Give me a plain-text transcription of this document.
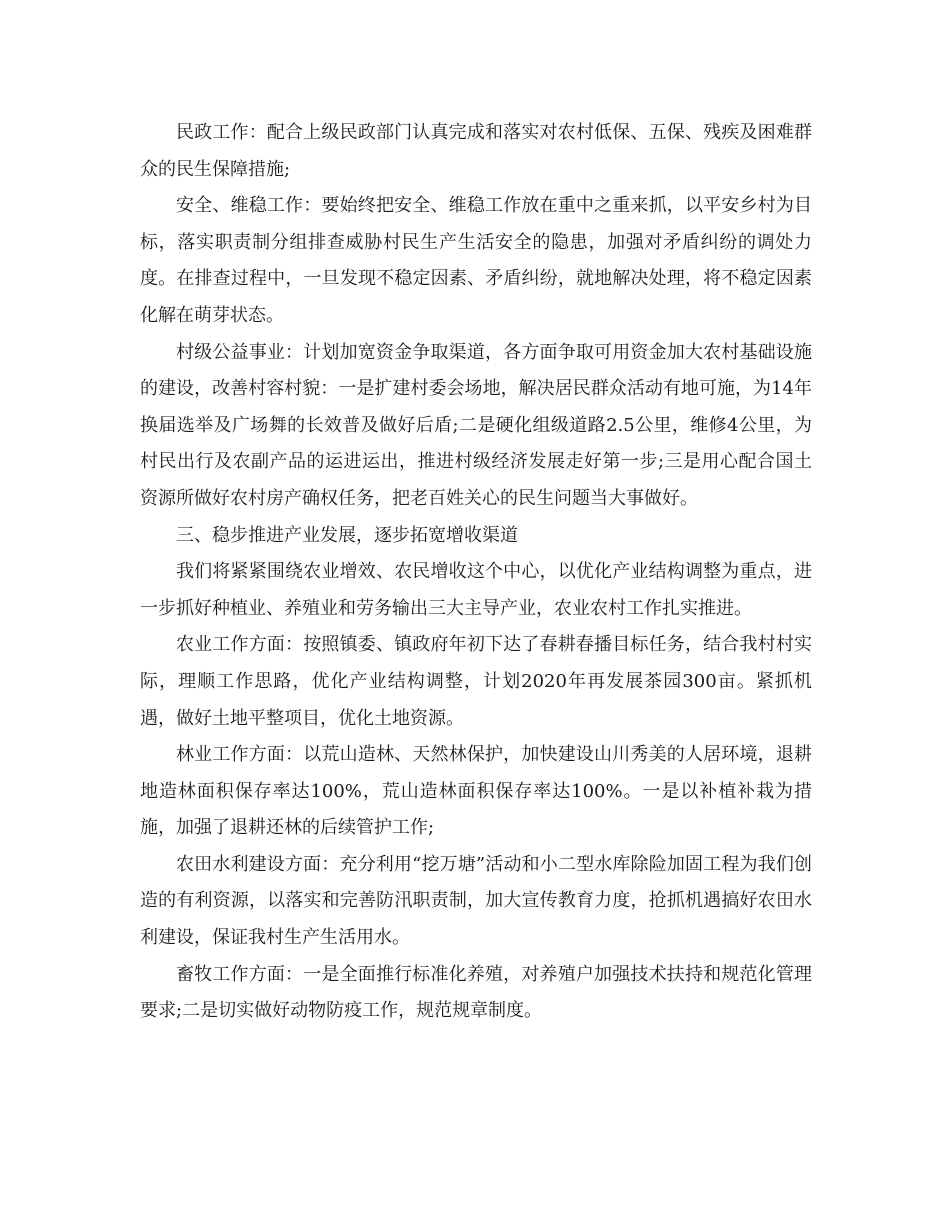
民政工作：配合上级民政部门认真完成和落实对农村低保、五保、残疾及困难群众的民生保障措施;

安全、维稳工作：要始终把安全、维稳工作放在重中之重来抓，以平安乡村为目标，落实职责制分组排查威胁村民生产生活安全的隐患，加强对矛盾纠纷的调处力度。在排查过程中，一旦发现不稳定因素、矛盾纠纷，就地解决处理，将不稳定因素化解在萌芽状态。

村级公益事业：计划加宽资金争取渠道，各方面争取可用资金加大农村基础设施的建设，改善村容村貌：一是扩建村委会场地，解决居民群众活动有地可施，为14年换届选举及广场舞的长效普及做好后盾;二是硬化组级道路2.5公里，维修4公里，为村民出行及农副产品的运进运出，推进村级经济发展走好第一步;三是用心配合国土资源所做好农村房产确权任务，把老百姓关心的民生问题当大事做好。

三、稳步推进产业发展，逐步拓宽增收渠道

我们将紧紧围绕农业增效、农民增收这个中心，以优化产业结构调整为重点，进一步抓好种植业、养殖业和劳务输出三大主导产业，农业农村工作扎实推进。

农业工作方面：按照镇委、镇政府年初下达了春耕春播目标任务，结合我村村实际，理顺工作思路，优化产业结构调整，计划2020年再发展茶园300亩。紧抓机遇，做好土地平整项目，优化土地资源。

林业工作方面：以荒山造林、天然林保护，加快建设山川秀美的人居环境，退耕地造林面积保存率达100%，荒山造林面积保存率达100%。一是以补植补栽为措施，加强了退耕还林的后续管护工作;

农田水利建设方面：充分利用“挖万塘”活动和小二型水库除险加固工程为我们创造的有利资源，以落实和完善防汛职责制，加大宣传教育力度，抢抓机遇搞好农田水利建设，保证我村生产生活用水。

畜牧工作方面：一是全面推行标准化养殖，对养殖户加强技术扶持和规范化管理要求;二是切实做好动物防疫工作，规范规章制度。
